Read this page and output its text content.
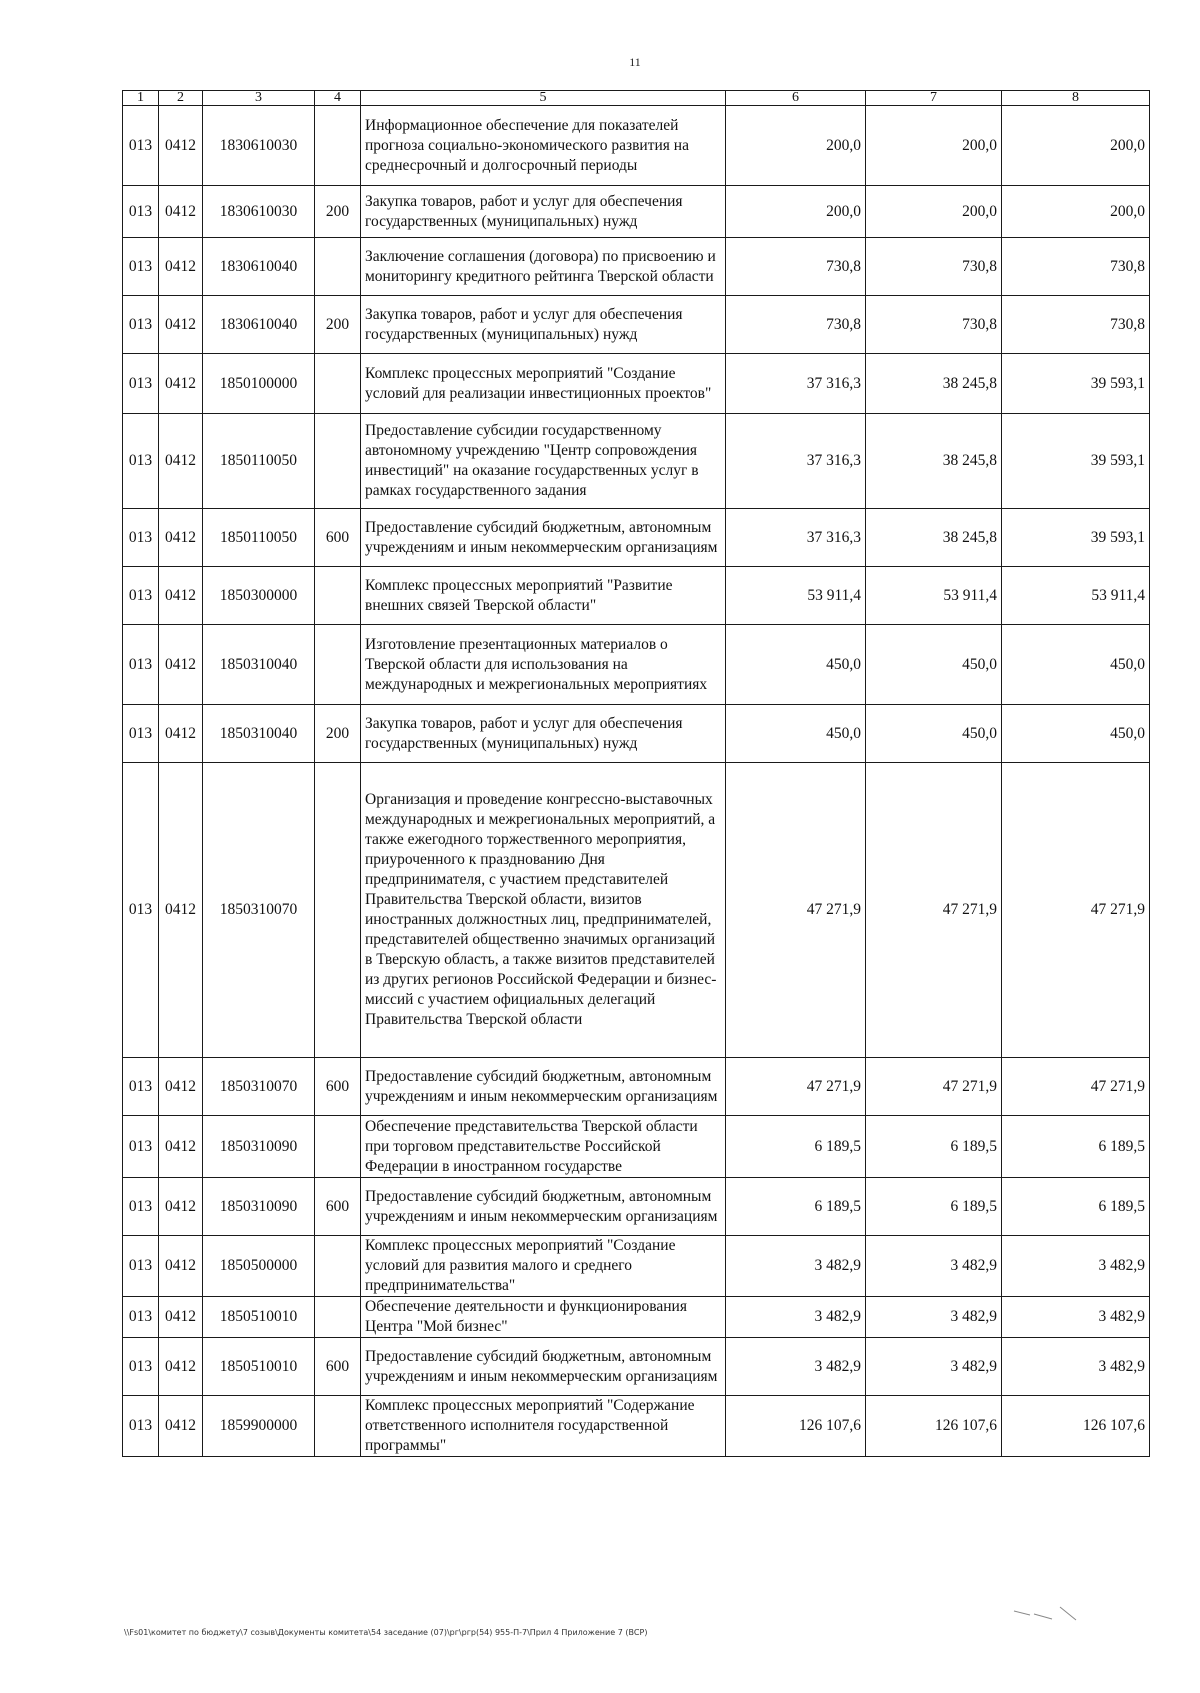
11
1	2	3	4	5	6	7	8
013	0412	1830610030		Информационное обеспечение для показателей прогноза социально-экономического развития на среднесрочный и долгосрочный периоды	200,0	200,0	200,0
013	0412	1830610030	200	Закупка товаров, работ и услуг для обеспечения государственных (муниципальных) нужд	200,0	200,0	200,0
013	0412	1830610040		Заключение соглашения (договора) по присвоению и мониторингу кредитного рейтинга Тверской области	730,8	730,8	730,8
013	0412	1830610040	200	Закупка товаров, работ и услуг для обеспечения государственных (муниципальных) нужд	730,8	730,8	730,8
013	0412	1850100000		Комплекс процессных мероприятий "Создание условий для реализации инвестиционных проектов"	37 316,3	38 245,8	39 593,1
013	0412	1850110050		Предоставление субсидии государственному автономному учреждению "Центр сопровождения инвестиций" на оказание государственных услуг в рамках государственного задания	37 316,3	38 245,8	39 593,1
013	0412	1850110050	600	Предоставление субсидий бюджетным, автономным учреждениям и иным некоммерческим организациям	37 316,3	38 245,8	39 593,1
013	0412	1850300000		Комплекс процессных мероприятий "Развитие внешних связей Тверской области"	53 911,4	53 911,4	53 911,4
013	0412	1850310040		Изготовление презентационных материалов о Тверской области для использования на международных и межрегиональных мероприятиях	450,0	450,0	450,0
013	0412	1850310040	200	Закупка товаров, работ и услуг для обеспечения государственных (муниципальных) нужд	450,0	450,0	450,0
013	0412	1850310070		Организация и проведение конгрессно-выставочных международных и межрегиональных мероприятий, а также ежегодного торжественного мероприятия, приуроченного к празднованию Дня предпринимателя, с участием представителей Правительства Тверской области, визитов иностранных должностных лиц, предпринимателей, представителей общественно значимых организаций в Тверскую область, а также визитов представителей из других регионов Российской Федерации и бизнес-миссий с участием официальных делегаций Правительства Тверской области	47 271,9	47 271,9	47 271,9
013	0412	1850310070	600	Предоставление субсидий бюджетным, автономным учреждениям и иным некоммерческим организациям	47 271,9	47 271,9	47 271,9
013	0412	1850310090		Обеспечение представительства Тверской области при торговом представительстве Российской Федерации в иностранном государстве	6 189,5	6 189,5	6 189,5
013	0412	1850310090	600	Предоставление субсидий бюджетным, автономным учреждениям и иным некоммерческим организациям	6 189,5	6 189,5	6 189,5
013	0412	1850500000		Комплекс процессных мероприятий "Создание условий для развития малого и среднего предпринимательства"	3 482,9	3 482,9	3 482,9
013	0412	1850510010		Обеспечение деятельности и функционирования Центра "Мой бизнес"	3 482,9	3 482,9	3 482,9
013	0412	1850510010	600	Предоставление субсидий бюджетным, автономным учреждениям и иным некоммерческим организациям	3 482,9	3 482,9	3 482,9
013	0412	1859900000		Комплекс процессных мероприятий "Содержание ответственного исполнителя государственной программы"	126 107,6	126 107,6	126 107,6
\\Fs01\комитет по бюджету\7 созыв\Документы комитета\54 заседание (07)\рг\ргр(54) 955-П-7\Прил 4 Приложение 7 (ВСР)
